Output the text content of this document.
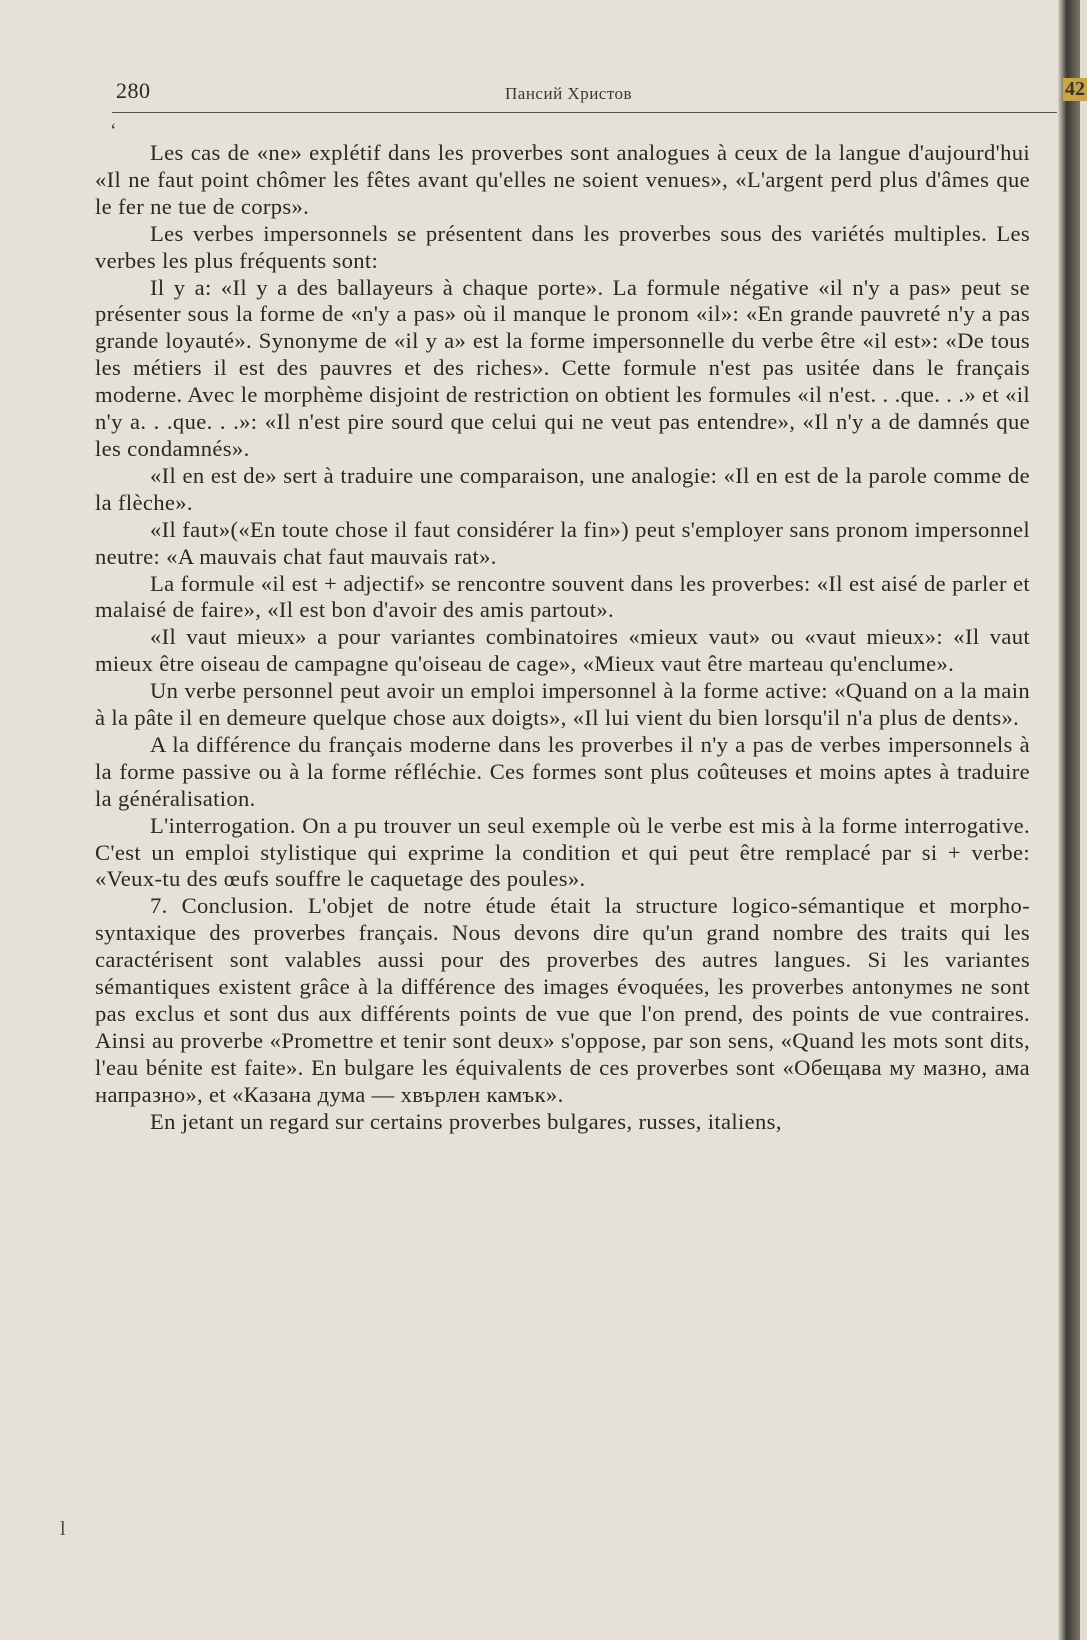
280	Пансий Христов	42
‘

Les cas de «ne» explétif dans les proverbes sont analogues à ceux de la langue d'aujourd'hui «Il ne faut point chômer les fêtes avant qu'elles ne soient venues», «L'argent perd plus d'âmes que le fer ne tue de corps».

Les verbes impersonnels se présentent dans les proverbes sous des variétés multiples. Les verbes les plus fréquents sont:

Il y a: «Il y a des ballayeurs à chaque porte». La formule négative «il n'y a pas» peut se présenter sous la forme de «n'y a pas» où il manque le pronom «il»: «En grande pauvreté n'y a pas grande loyauté». Synonyme de «il y a» est la forme impersonnelle du verbe être «il est»: «De tous les métiers il est des pauvres et des riches». Cette formule n'est pas usitée dans le français moderne. Avec le morphème disjoint de restriction on obtient les formules «il n'est. . .que. . .» et «il n'y a. . .que. . .»: «Il n'est pire sourd que celui qui ne veut pas entendre», «Il n'y a de damnés que les condamnés».

«Il en est de» sert à traduire une comparaison, une analogie: «Il en est de la parole comme de la flèche».

«Il faut»(«En toute chose il faut considérer la fin») peut s'employer sans pronom impersonnel neutre: «A mauvais chat faut mauvais rat».

La formule «il est + adjectif» se rencontre souvent dans les proverbes: «Il est aisé de parler et malaisé de faire», «Il est bon d'avoir des amis partout».

«Il vaut mieux» a pour variantes combinatoires «mieux vaut» ou «vaut mieux»: «Il vaut mieux être oiseau de campagne qu'oiseau de cage», «Mieux vaut être marteau qu'enclume».

Un verbe personnel peut avoir un emploi impersonnel à la forme active: «Quand on a la main à la pâte il en demeure quelque chose aux doigts», «Il lui vient du bien lorsqu'il n'a plus de dents».

A la différence du français moderne dans les proverbes il n'y a pas de verbes impersonnels à la forme passive ou à la forme réfléchie. Ces formes sont plus coûteuses et moins aptes à traduire la généralisation.

L'interrogation. On a pu trouver un seul exemple où le verbe est mis à la forme interrogative. C'est un emploi stylistique qui exprime la condition et qui peut être remplacé par si + verbe: «Veux-tu des œufs souffre le caquetage des poules».

7. Conclusion. L'objet de notre étude était la structure logico-sémantique et morpho-syntaxique des proverbes français. Nous devons dire qu'un grand nombre des traits qui les caractérisent sont valables aussi pour des proverbes des autres langues. Si les variantes sémantiques existent grâce à la différence des images évoquées, les proverbes antonymes ne sont pas exclus et sont dus aux différents points de vue que l'on prend, des points de vue contraires. Ainsi au proverbe «Promettre et tenir sont deux» s'oppose, par son sens, «Quand les mots sont dits, l'eau bénite est faite». En bulgare les équivalents de ces proverbes sont «Обещава му мазно, ама напразно», et «Казана дума — хвърлен камък».

En jetant un regard sur certains proverbes bulgares, russes, italiens,

l
